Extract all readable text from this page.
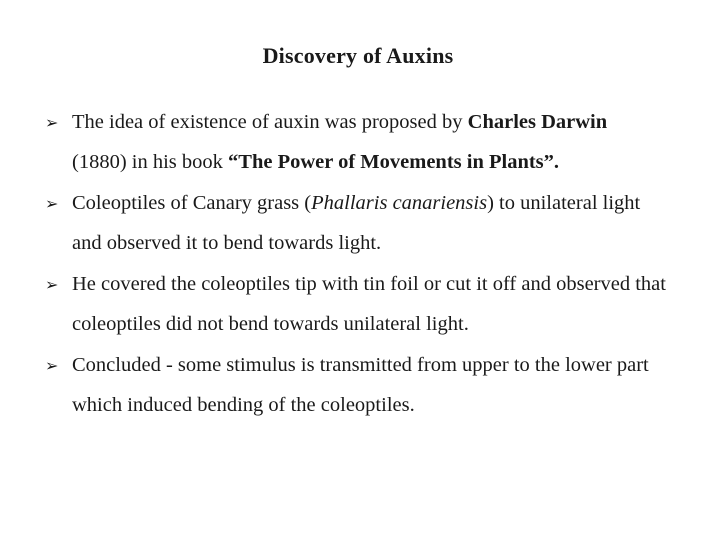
Discovery of Auxins
➢ The idea of existence of auxin was proposed by Charles Darwin (1880) in his book “The Power of Movements in Plants”.
➢ Coleoptiles of Canary grass (Phallaris canariensis) to unilateral light and observed it to bend towards light.
➢ He covered the coleoptiles tip with tin foil or cut it off and observed that coleoptiles did not bend towards unilateral light.
➢ Concluded - some stimulus is transmitted from upper to the lower part which induced bending of the coleoptiles.
